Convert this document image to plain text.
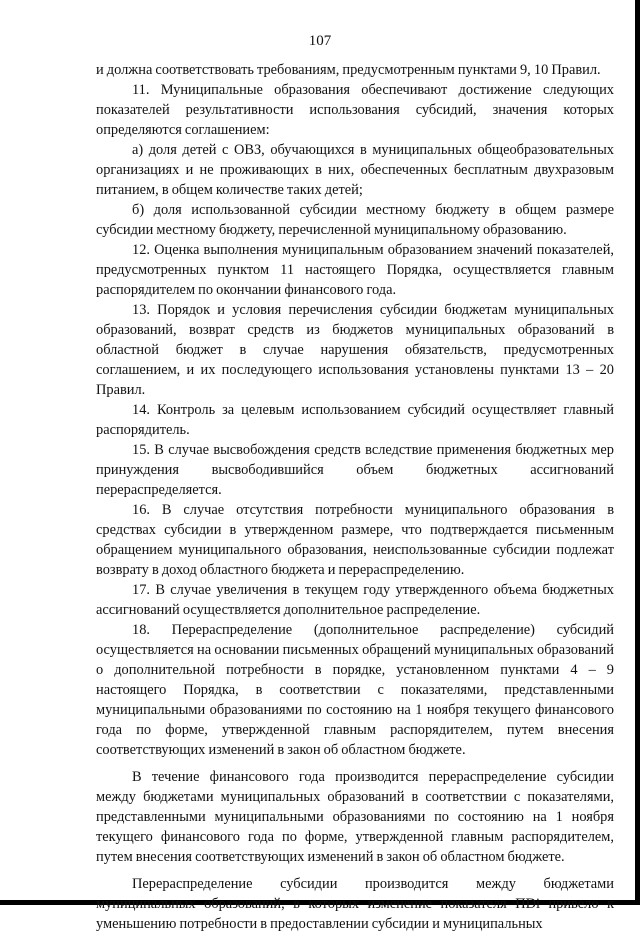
107

и должна соответствовать требованиям, предусмотренным пунктами 9, 10 Правил.

11. Муниципальные образования обеспечивают достижение следующих показателей результативности использования субсидий, значения которых определяются соглашением:

а) доля детей с ОВЗ, обучающихся в муниципальных общеобразовательных организациях и не проживающих в них, обеспеченных бесплатным двухразовым питанием, в общем количестве таких детей;

б) доля использованной субсидии местному бюджету в общем размере субсидии местному бюджету, перечисленной муниципальному образованию.

12. Оценка выполнения муниципальным образованием значений показателей, предусмотренных пунктом 11 настоящего Порядка, осуществляется главным распорядителем по окончании финансового года.

13. Порядок и условия перечисления субсидии бюджетам муниципальных образований, возврат средств из бюджетов муниципальных образований в областной бюджет в случае нарушения обязательств, предусмотренных соглашением, и их последующего использования установлены пунктами 13 – 20 Правил.

14. Контроль за целевым использованием субсидий осуществляет главный распорядитель.

15. В случае высвобождения средств вследствие применения бюджетных мер принуждения высвободившийся объем бюджетных ассигнований перераспределяется.

16. В случае отсутствия потребности муниципального образования в средствах субсидии в утвержденном размере, что подтверждается письменным обращением муниципального образования, неиспользованные субсидии подлежат возврату в доход областного бюджета и перераспределению.

17. В случае увеличения в текущем году утвержденного объема бюджетных ассигнований осуществляется дополнительное распределение.

18. Перераспределение (дополнительное распределение) субсидий осуществляется на основании письменных обращений муниципальных образований о дополнительной потребности в порядке, установленном пунктами 4 – 9 настоящего Порядка, в соответствии с показателями, представленными муниципальными образованиями по состоянию на 1 ноября текущего финансового года по форме, утвержденной главным распорядителем, путем внесения соответствующих изменений в закон об областном бюджете.

В течение финансового года производится перераспределение субсидии между бюджетами муниципальных образований в соответствии с показателями, представленными муниципальными образованиями по состоянию на 1 ноября текущего финансового года по форме, утвержденной главным распорядителем, путем внесения соответствующих изменений в закон об областном бюджете.

Перераспределение субсидии производится между бюджетами муниципальных образований, в которых изменение показателя ПDi привело к уменьшению потребности в предоставлении субсидии и муниципальных
